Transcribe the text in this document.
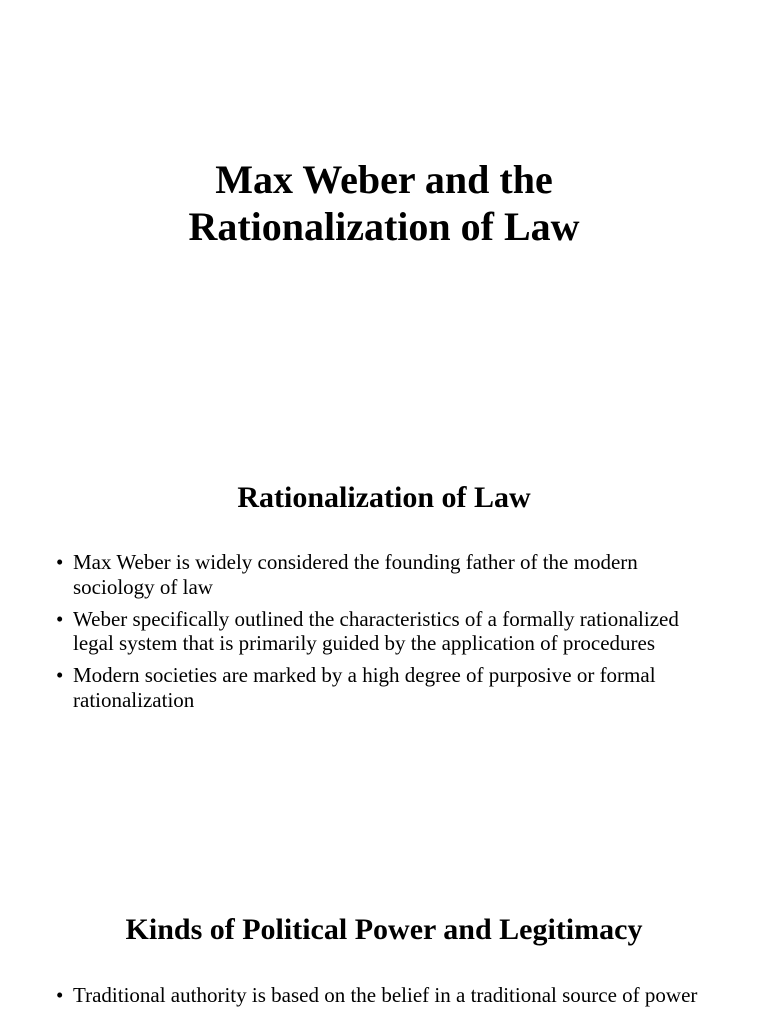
Max Weber and the
Rationalization of Law
Rationalization of Law
• Max Weber is widely considered the founding father of the modern sociology of law
• Weber specifically outlined the characteristics of a formally rationalized legal system that is primarily guided by the application of procedures
• Modern societies are marked by a high degree of purposive or formal rationalization
Kinds of Political Power and Legitimacy
• Traditional authority is based on the belief in a traditional source of power
